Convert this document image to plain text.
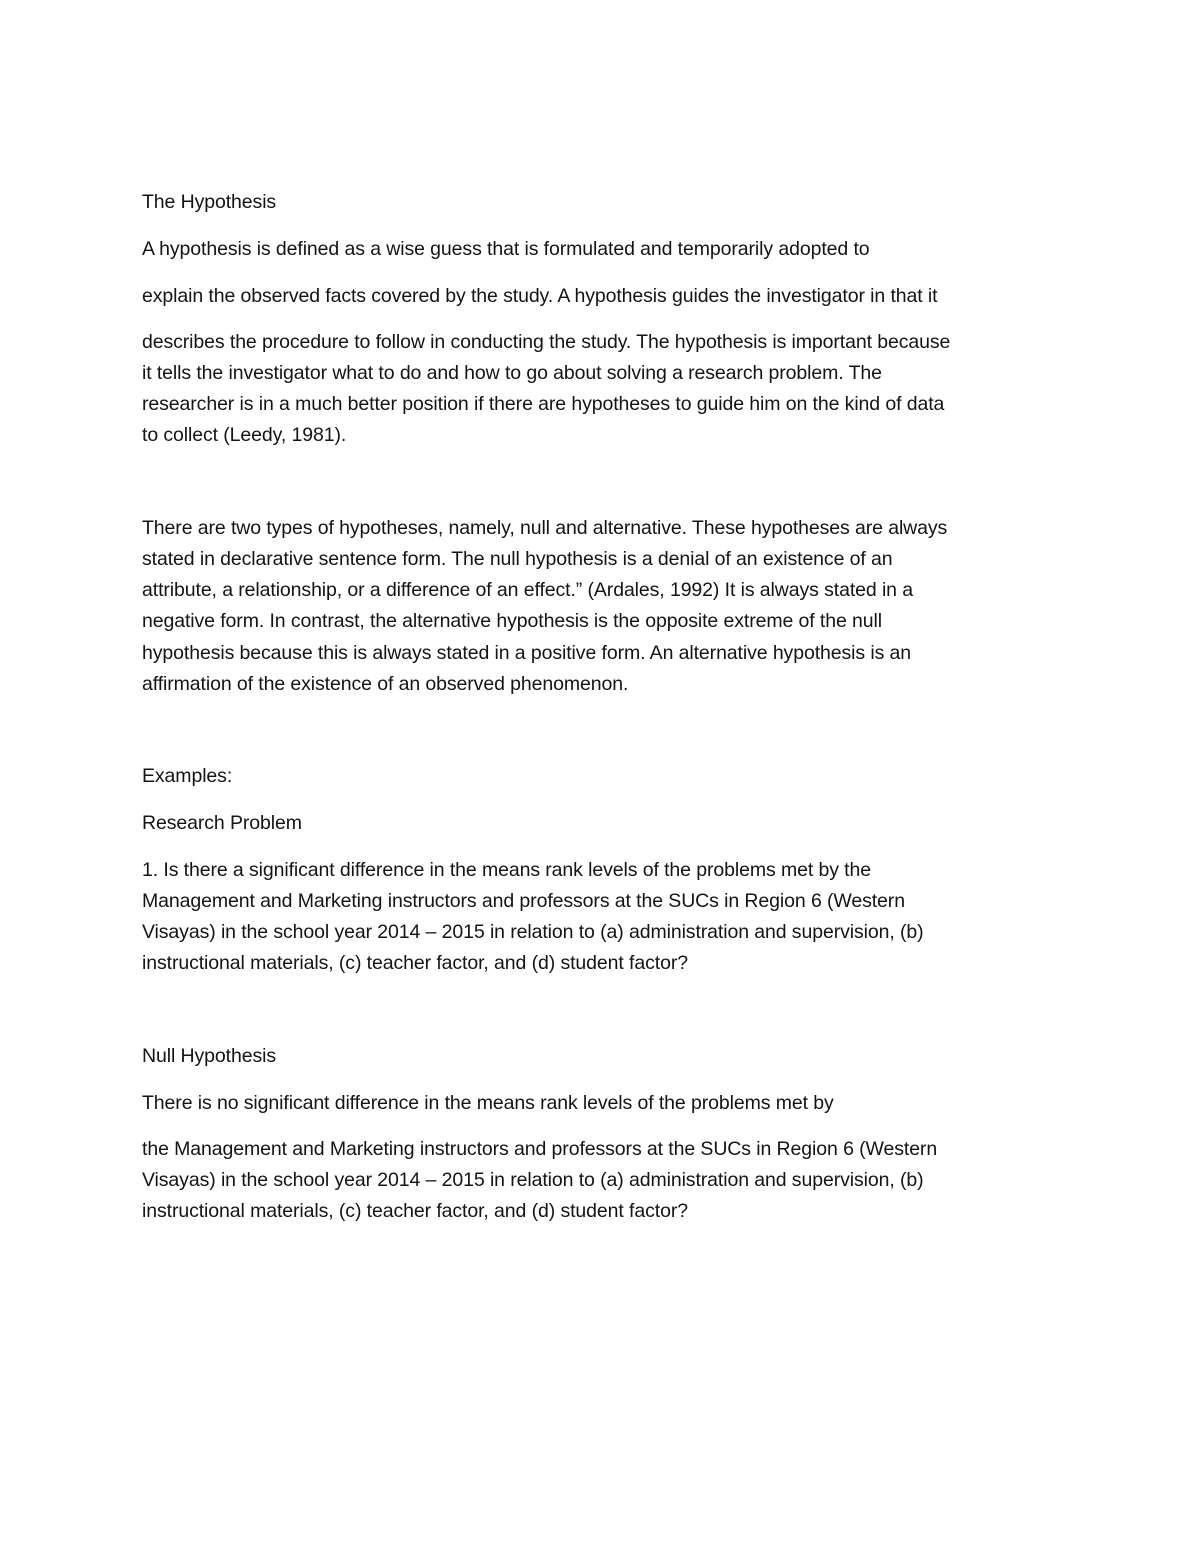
The Hypothesis
A hypothesis is defined as a wise guess that is formulated and temporarily adopted to
explain the observed facts covered by the study. A hypothesis guides the investigator in that it
describes the procedure to follow in conducting the study. The hypothesis is important because
it tells the investigator what to do and how to go about solving a research problem. The
researcher is in a much better position if there are hypotheses to guide him on the kind of data
to collect (Leedy, 1981).
There are two types of hypotheses, namely, null and alternative. These hypotheses are always
stated in declarative sentence form. The null hypothesis is a denial of an existence of an
attribute, a relationship, or a difference of an effect.” (Ardales, 1992) It is always stated in a
negative form. In contrast, the alternative hypothesis is the opposite extreme of the null
hypothesis because this is always stated in a positive form. An alternative hypothesis is an
affirmation of the existence of an observed phenomenon.
Examples:
Research Problem
1. Is there a significant difference in the means rank levels of the problems met by the
Management and Marketing instructors and professors at the SUCs in Region 6 (Western
Visayas) in the school year 2014 – 2015 in relation to (a) administration and supervision, (b)
instructional materials, (c) teacher factor, and (d) student factor?
Null Hypothesis
There is no significant difference in the means rank levels of the problems met by
the Management and Marketing instructors and professors at the SUCs in Region 6 (Western
Visayas) in the school year 2014 – 2015 in relation to (a) administration and supervision, (b)
instructional materials, (c) teacher factor, and (d) student factor?
